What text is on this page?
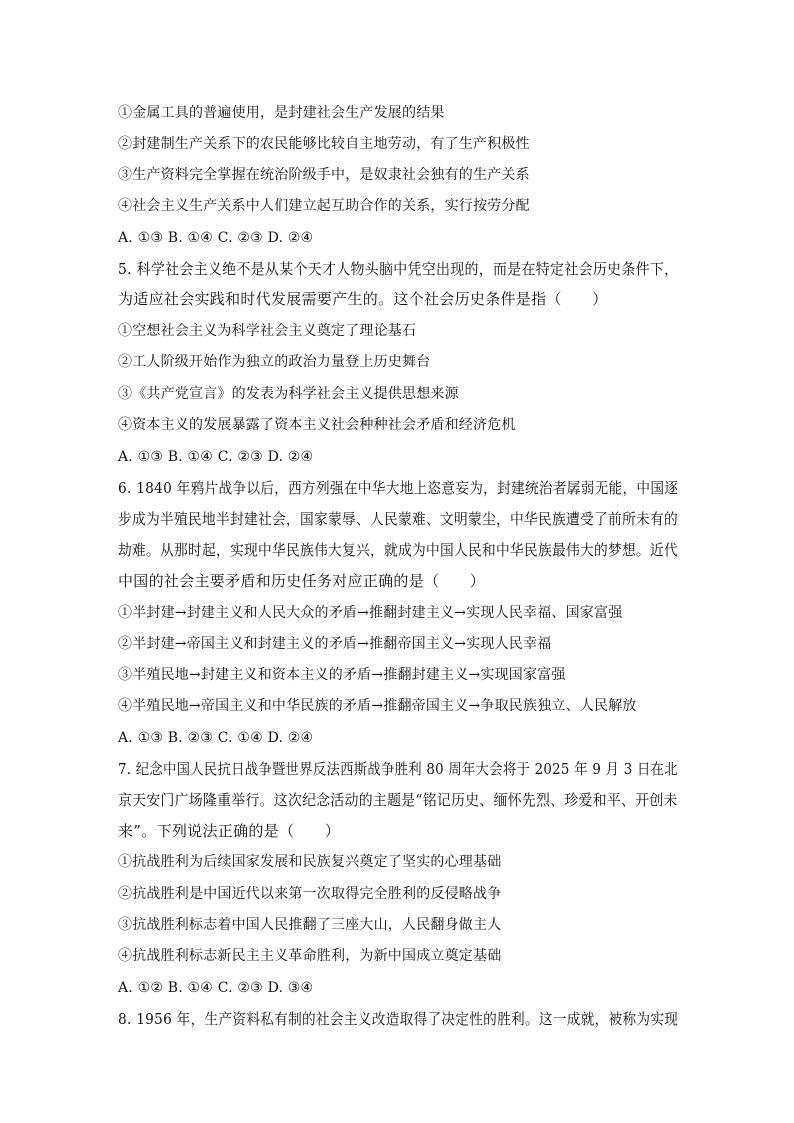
①金属工具的普遍使用，是封建社会生产发展的结果
②封建制生产关系下的农民能够比较自主地劳动，有了生产积极性
③生产资料完全掌握在统治阶级手中，是奴隶社会独有的生产关系
④社会主义生产关系中人们建立起互助合作的关系，实行按劳分配
A. ①③ B. ①④ C. ②③ D. ②④
5. 科学社会主义绝不是从某个天才人物头脑中凭空出现的，而是在特定社会历史条件下，
为适应社会实践和时代发展需要产生的。这个社会历史条件是指（　　）
①空想社会主义为科学社会主义奠定了理论基石
②工人阶级开始作为独立的政治力量登上历史舞台
③《共产党宣言》的发表为科学社会主义提供思想来源
④资本主义的发展暴露了资本主义社会种种社会矛盾和经济危机
A. ①③ B. ①④ C. ②③ D. ②④
6. 1840 年鸦片战争以后，西方列强在中华大地上恣意妄为，封建统治者孱弱无能，中国逐
步成为半殖民地半封建社会，国家蒙辱、人民蒙难、文明蒙尘，中华民族遭受了前所未有的
劫难。从那时起，实现中华民族伟大复兴，就成为中国人民和中华民族最伟大的梦想。近代
中国的社会主要矛盾和历史任务对应正确的是（　　）
①半封建→封建主义和人民大众的矛盾→推翻封建主义→实现人民幸福、国家富强
②半封建→帝国主义和封建主义的矛盾→推翻帝国主义→实现人民幸福
③半殖民地→封建主义和资本主义的矛盾→推翻封建主义→实现国家富强
④半殖民地→帝国主义和中华民族的矛盾→推翻帝国主义→争取民族独立、人民解放
A. ①③ B. ②③ C. ①④ D. ②④
7. 纪念中国人民抗日战争暨世界反法西斯战争胜利 80 周年大会将于 2025 年 9 月 3 日在北
京天安门广场隆重举行。这次纪念活动的主题是“铭记历史、缅怀先烈、珍爱和平、开创未
来”。下列说法正确的是（　　）
①抗战胜利为后续国家发展和民族复兴奠定了坚实的心理基础
②抗战胜利是中国近代以来第一次取得完全胜利的反侵略战争
③抗战胜利标志着中国人民推翻了三座大山，人民翻身做主人
④抗战胜利标志新民主主义革命胜利，为新中国成立奠定基础
A. ①② B. ①④ C. ②③ D. ③④
8. 1956 年，生产资料私有制的社会主义改造取得了决定性的胜利。这一成就，被称为实现
